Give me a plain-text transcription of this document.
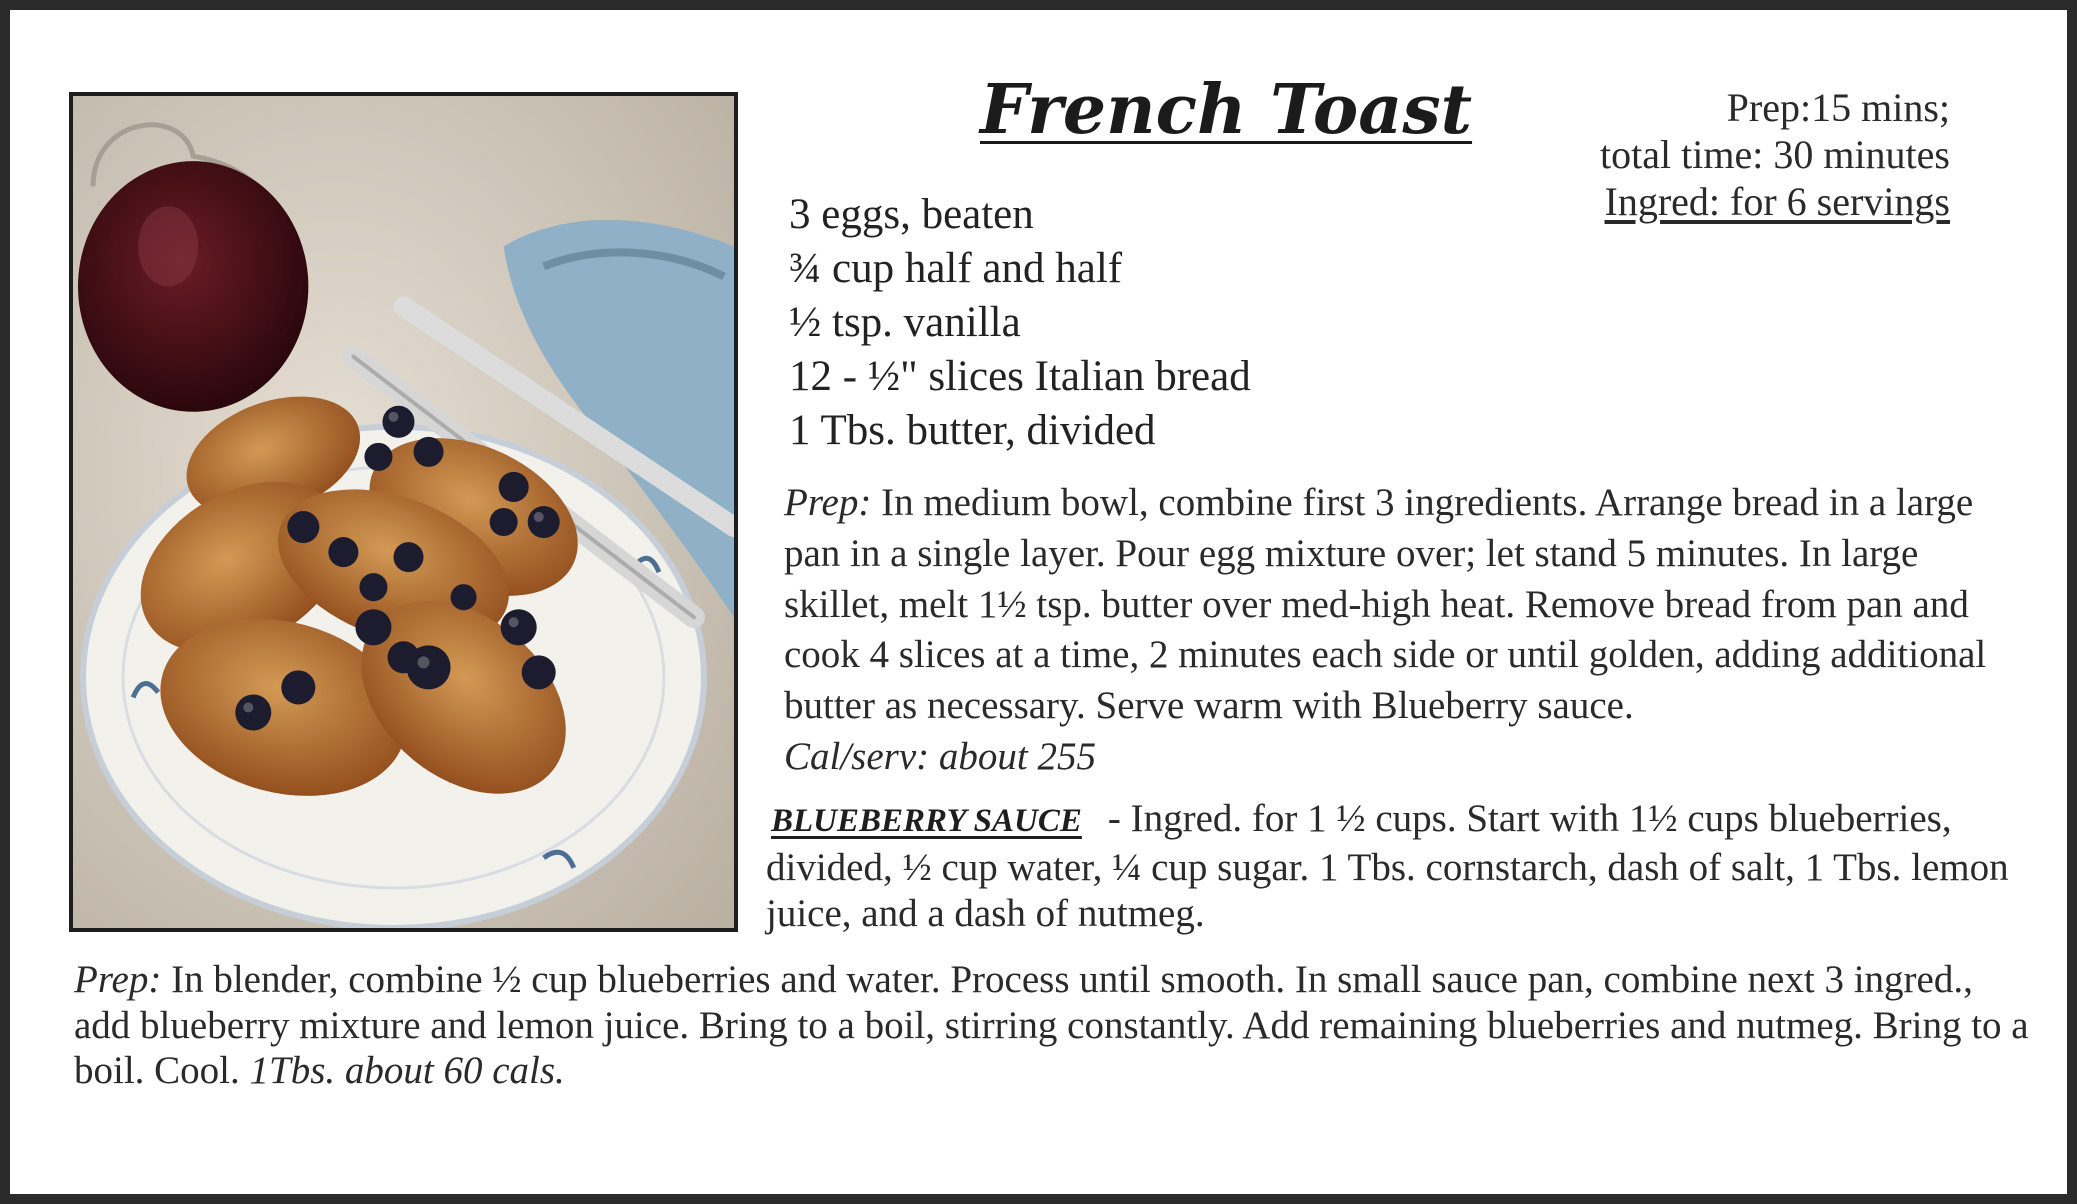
French Toast	Prep:15 mins;
total time: 30 minutes
Ingred: for 6 servings
3 eggs, beaten
¾ cup half and half
½ tsp. vanilla
12 - ½" slices Italian bread
1 Tbs. butter, divided

Prep: In medium bowl, combine first 3 ingredients. Arrange bread in a large pan in a single layer. Pour egg mixture over; let stand 5 minutes. In large skillet, melt 1½ tsp. butter over med-high heat. Remove bread from pan and cook 4 slices at a time, 2 minutes each side or until golden, adding additional butter as necessary. Serve warm with Blueberry sauce.
Cal/serv: about 255

BLUEBERRY SAUCE - Ingred. for 1 ½ cups. Start with 1½ cups blueberries, divided, ½ cup water, ¼ cup sugar. 1 Tbs. cornstarch, dash of salt, 1 Tbs. lemon juice, and a dash of nutmeg.

Prep: In blender, combine ½ cup blueberries and water. Process until smooth. In small sauce pan, combine next 3 ingred., add blueberry mixture and lemon juice. Bring to a boil, stirring constantly. Add remaining blueberries and nutmeg. Bring to a boil. Cool. 1Tbs. about 60 cals.
